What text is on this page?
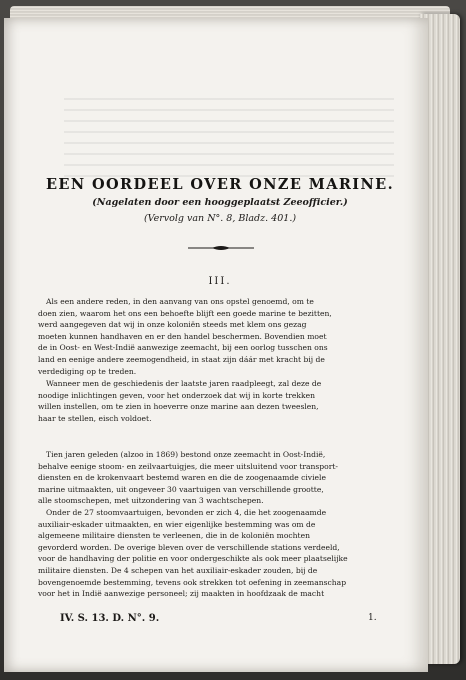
EEN OORDEEL OVER ONZE MARINE.
(Nagelaten door een hooggeplaatst Zeeofficier.)
(Vervolg van N°. 8, Bladz. 401.)
III.
Als een andere reden, in den aanvang van ons opstel genoemd, om te
doen zien, waarom het ons een behoefte blijft een goede marine te bezitten,
werd aangegeven dat wij in onze koloniën steeds met klem ons gezag
moeten kunnen handhaven en er den handel beschermen. Bovendien moet
de in Oost- en West-Indië aanwezige zeemacht, bij een oorlog tusschen ons
land en eenige andere zeemogendheid, in staat zijn dáár met kracht bij de
verdediging op te treden.
Wanneer men de geschiedenis der laatste jaren raadpleegt, zal deze de
noodige inlichtingen geven, voor het onderzoek dat wij in korte trekken
willen instellen, om te zien in hoeverre onze marine aan dezen tweeslen,
haar te stellen, eisch voldoet.
Tien jaren geleden (alzoo in 1869) bestond onze zeemacht in Oost-Indië,
behalve eenige stoom- en zeilvaartuigjes, die meer uitsluitend voor transport-
diensten en de krokenvaart bestemd waren en die de zoogenaamde civiele
marine uitmaakten, uit ongeveer 30 vaartuigen van verschillende grootte,
alle stoomschepen, met uitzondering van 3 wachtschepen.
Onder de 27 stoomvaartuigen, bevonden er zich 4, die het zoogenaamde
auxiliair-eskader uitmaakten, en wier eigenlijke bestemming was om de
algemeene militaire diensten te verleenen, die in de koloniën mochten
gevorderd worden. De overige bleven over de verschillende stations verdeeld,
voor de handhaving der politie en voor ondergeschikte als ook meer plaatselijke
militaire diensten. De 4 schepen van het auxiliair-eskader zouden, bij de
bovengenoemde bestemming, tevens ook strekken tot oefening in zeemanschap
voor het in Indië aanwezige personeel; zij maakten in hoofdzaak de macht
IV. S. 13. D. N°. 9.	1.
